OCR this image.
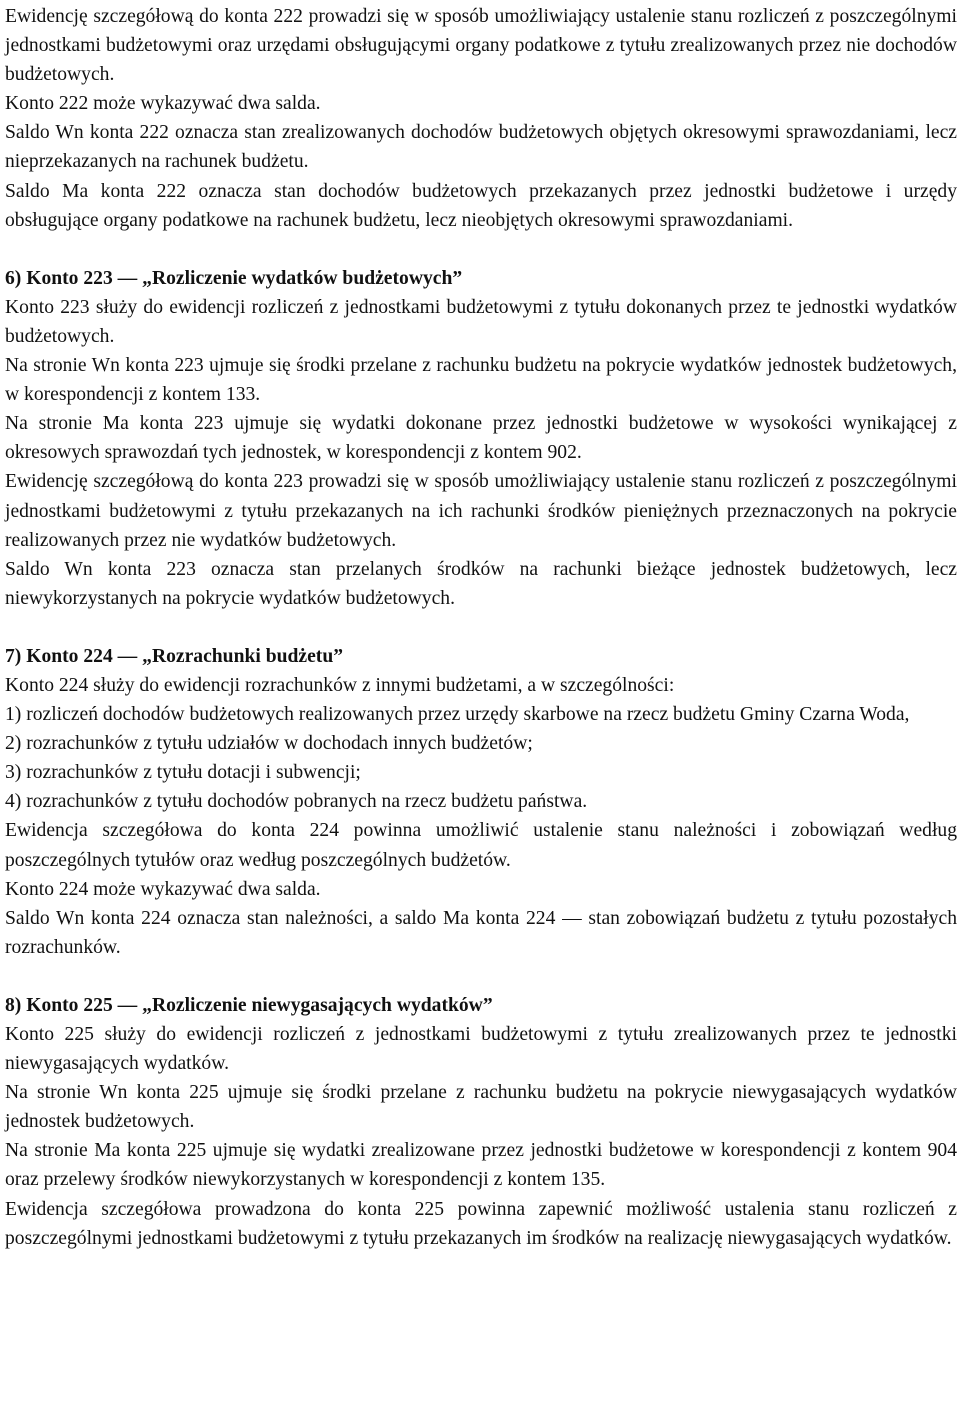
Ewidencję szczegółową do konta 222 prowadzi się w sposób umożliwiający ustalenie stanu rozliczeń z poszczególnymi jednostkami budżetowymi oraz urzędami obsługującymi organy podatkowe z tytułu zrealizowanych przez nie dochodów budżetowych.

Konto 222 może wykazywać dwa salda.

Saldo Wn konta 222 oznacza stan zrealizowanych dochodów budżetowych objętych okresowymi sprawozdaniami, lecz nieprzekazanych na rachunek budżetu.

Saldo Ma konta 222 oznacza stan dochodów budżetowych przekazanych przez jednostki budżetowe i urzędy obsługujące organy podatkowe na rachunek budżetu, lecz nieobjętych okresowymi sprawozdaniami.

6) Konto 223 — „Rozliczenie wydatków budżetowych”

Konto 223 służy do ewidencji rozliczeń z jednostkami budżetowymi z tytułu dokonanych przez te jednostki wydatków budżetowych.

Na stronie Wn konta 223 ujmuje się środki przelane z rachunku budżetu na pokrycie wydatków jednostek budżetowych, w korespondencji z kontem 133.

Na stronie Ma konta 223 ujmuje się wydatki dokonane przez jednostki budżetowe w wysokości wynikającej z okresowych sprawozdań tych jednostek, w korespondencji z kontem 902.

Ewidencję szczegółową do konta 223 prowadzi się w sposób umożliwiający ustalenie stanu rozliczeń z poszczególnymi jednostkami budżetowymi z tytułu przekazanych na ich rachunki środków pieniężnych przeznaczonych na pokrycie realizowanych przez nie wydatków budżetowych.

Saldo Wn konta 223 oznacza stan przelanych środków na rachunki bieżące jednostek budżetowych, lecz niewykorzystanych na pokrycie wydatków budżetowych.

7) Konto 224 — „Rozrachunki budżetu”

Konto 224 służy do ewidencji rozrachunków z innymi budżetami, a w szczególności:

1) rozliczeń dochodów budżetowych realizowanych przez urzędy skarbowe na rzecz budżetu Gminy Czarna Woda,

2) rozrachunków z tytułu udziałów w dochodach innych budżetów;

3) rozrachunków z tytułu dotacji i subwencji;

4) rozrachunków z tytułu dochodów pobranych na rzecz budżetu państwa.

Ewidencja szczegółowa do konta 224 powinna umożliwić ustalenie stanu należności i zobowiązań według poszczególnych tytułów oraz według poszczególnych budżetów.

Konto 224 może wykazywać dwa salda.

Saldo Wn konta 224 oznacza stan należności, a saldo Ma konta 224 — stan zobowiązań budżetu z tytułu pozostałych rozrachunków.

8) Konto 225 — „Rozliczenie niewygasających wydatków”

Konto 225 służy do ewidencji rozliczeń z jednostkami budżetowymi z tytułu zrealizowanych przez te jednostki niewygasających wydatków.

Na stronie Wn konta 225 ujmuje się środki przelane z rachunku budżetu na pokrycie niewygasających wydatków jednostek budżetowych.

Na stronie Ma konta 225 ujmuje się wydatki zrealizowane przez jednostki budżetowe w korespondencji z kontem 904 oraz przelewy środków niewykorzystanych w korespondencji z kontem 135.

Ewidencja szczegółowa prowadzona do konta 225 powinna zapewnić możliwość ustalenia stanu rozliczeń z poszczególnymi jednostkami budżetowymi z tytułu przekazanych im środków na realizację niewygasających wydatków.
